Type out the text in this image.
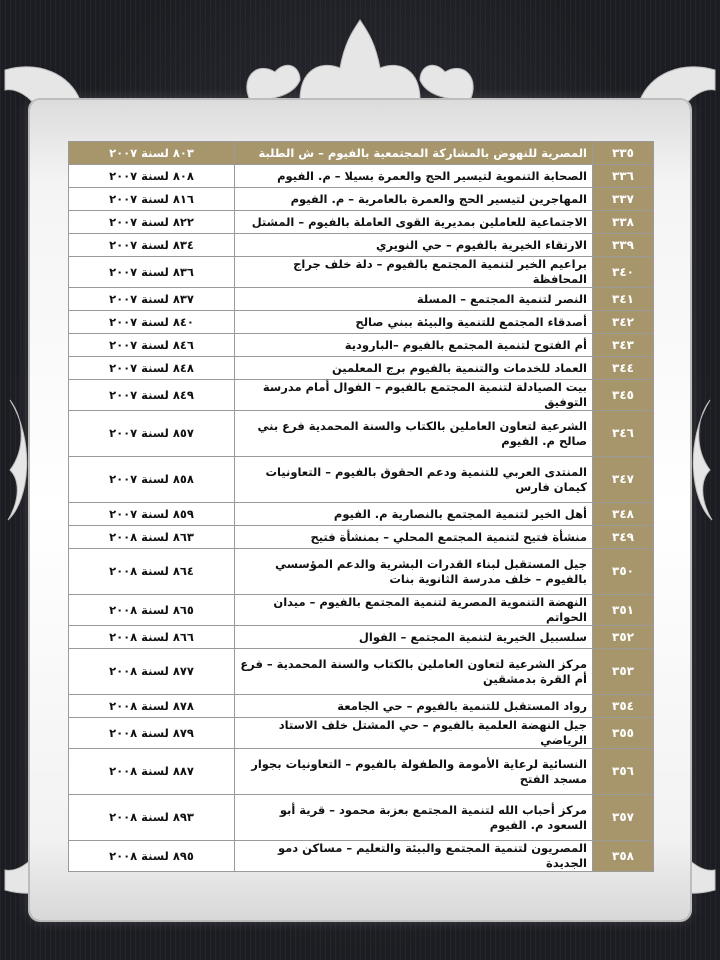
٣٣٥	المصرية للنهوض بالمشاركة المجتمعية بالفيوم – ش الطلبة	٨٠٣ لسنة ٢٠٠٧
٣٣٦	الصحابة التنموية لتيسير الحج والعمرة بسيلا – م. الفيوم	٨٠٨ لسنة ٢٠٠٧
٣٣٧	المهاجرين لتيسير الحج والعمرة بالعامرية – م. الفيوم	٨١٦ لسنة ٢٠٠٧
٣٣٨	الاجتماعية للعاملين بمديرية القوى العاملة بالفيوم – المشتل	٨٢٢ لسنة ٢٠٠٧
٣٣٩	الارتقاء الخيرية بالفيوم – حي النويري	٨٣٤ لسنة ٢٠٠٧
٣٤٠	براعيم الخير لتنمية المجتمع بالفيوم – دلة خلف جراج المحافظة	٨٣٦ لسنة ٢٠٠٧
٣٤١	النصر لتنمية المجتمع – المسلة	٨٣٧ لسنة ٢٠٠٧
٣٤٢	أصدقاء المجتمع للتنمية والبيئة ببني صالح	٨٤٠ لسنة ٢٠٠٧
٣٤٣	أم الفتوح لتنمية المجتمع بالفيوم –البارودية	٨٤٦ لسنة ٢٠٠٧
٣٤٤	العماد للخدمات والتنمية بالفيوم برج المعلمين	٨٤٨ لسنة ٢٠٠٧
٣٤٥	بيت الصيادلة لتنمية المجتمع بالفيوم – الفوال أمام مدرسة التوفيق	٨٤٩ لسنة ٢٠٠٧
٣٤٦	الشرعية لتعاون العاملين بالكتاب والسنة المحمدية فرع بني صالح م. الفيوم	٨٥٧ لسنة ٢٠٠٧
٣٤٧	المنتدى العربي للتنمية ودعم الحقوق بالفيوم – التعاونيات كيمان فارس	٨٥٨ لسنة ٢٠٠٧
٣٤٨	أهل الخير لتنمية المجتمع بالنصارية م. الفيوم	٨٥٩ لسنة ٢٠٠٧
٣٤٩	منشأة فتيح لتنمية المجتمع المحلي – بمنشأة فتيح	٨٦٣ لسنة ٢٠٠٨
٣٥٠	جيل المستقبل لبناء القدرات البشرية والدعم المؤسسي بالفيوم – خلف مدرسة الثانوية بنات	٨٦٤ لسنة ٢٠٠٨
٣٥١	النهضة التنموية المصرية لتنمية المجتمع بالفيوم – ميدان الحواتم	٨٦٥ لسنة ٢٠٠٨
٣٥٢	سلسبيل الخيرية لتنمية المجتمع – الفوال	٨٦٦ لسنة ٢٠٠٨
٣٥٣	مركز الشرعية لتعاون العاملين بالكتاب والسنة المحمدية – فرع أم القرة بدمشقين	٨٧٧ لسنة ٢٠٠٨
٣٥٤	رواد المستقبل للتنمية بالفيوم – حي الجامعة	٨٧٨ لسنة ٢٠٠٨
٣٥٥	جيل النهضة العلمية بالفيوم – حي المشتل خلف الاستاد الرياضي	٨٧٩ لسنة ٢٠٠٨
٣٥٦	النسائية لرعاية الأمومة والطفولة بالفيوم – التعاونيات بجوار مسجد الفتح	٨٨٧ لسنة ٢٠٠٨
٣٥٧	مركز أحباب الله لتنمية المجتمع بعزبة محمود – قرية أبو السعود م. الفيوم	٨٩٣ لسنة ٢٠٠٨
٣٥٨	المصريون لتنمية المجتمع والبيئة والتعليم – مساكن دمو الجديدة	٨٩٥ لسنة ٢٠٠٨
